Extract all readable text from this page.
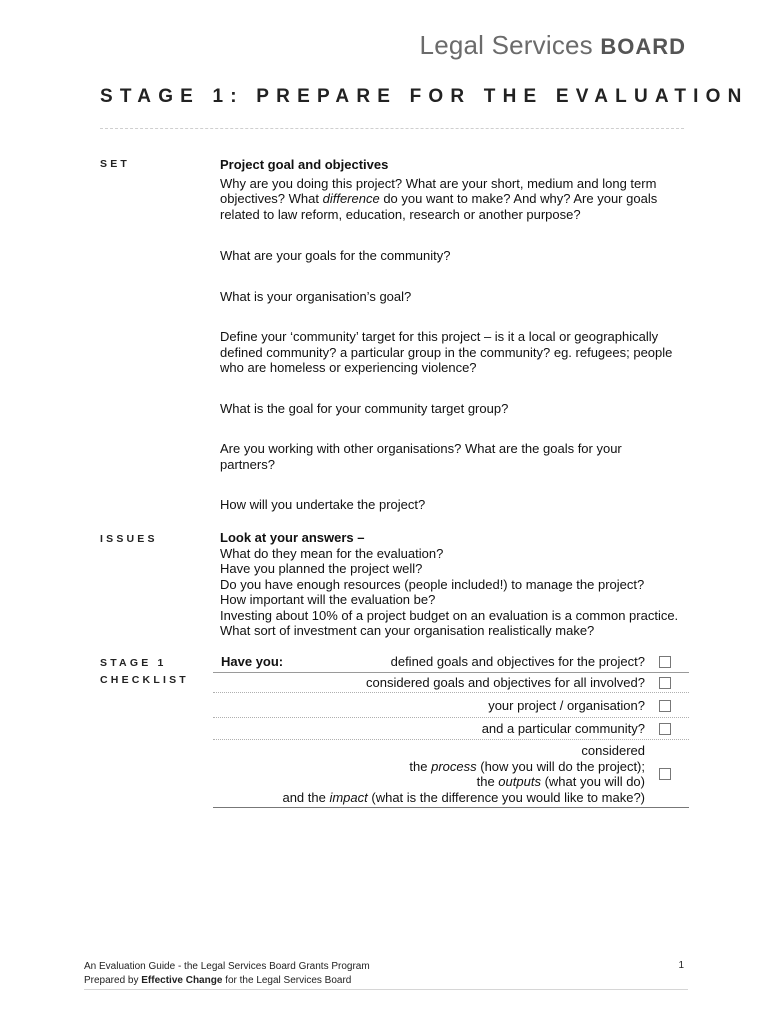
Legal Services BOARD
STAGE 1: PREPARE FOR THE EVALUATION
SET
ISSUES
STAGE 1
CHECKLIST

Project goal and objectives

Why are you doing this project? What are your short, medium and long term objectives? What difference do you want to make? And why? Are your goals related to law reform, education, research or another purpose?

What are your goals for the community?

What is your organisation’s goal?

Define your ‘community’ target for this project – is it a local or geographically defined community? a particular group in the community? eg. refugees; people who are homeless or experiencing violence?

What is the goal for your community target group?

Are you working with other organisations? What are the goals for your partners?

How will you undertake the project?

Look at your answers –

What do they mean for the evaluation?

Have you planned the project well?

Do you have enough resources (people included!) to manage the project?

How important will the evaluation be?

Investing about 10% of a project budget on an evaluation is a common practice.

What sort of investment can your organisation realistically make?

Have you:	defined goals and objectives for the project?
considered goals and objectives for all involved?
your project / organisation?
and a particular community?
considered
the process (how you will do the project);
the outputs (what you will do)
and the impact (what is the difference you would like to make?)
An Evaluation Guide - the Legal Services Board Grants Program
Prepared by Effective Change for the Legal Services Board
1
